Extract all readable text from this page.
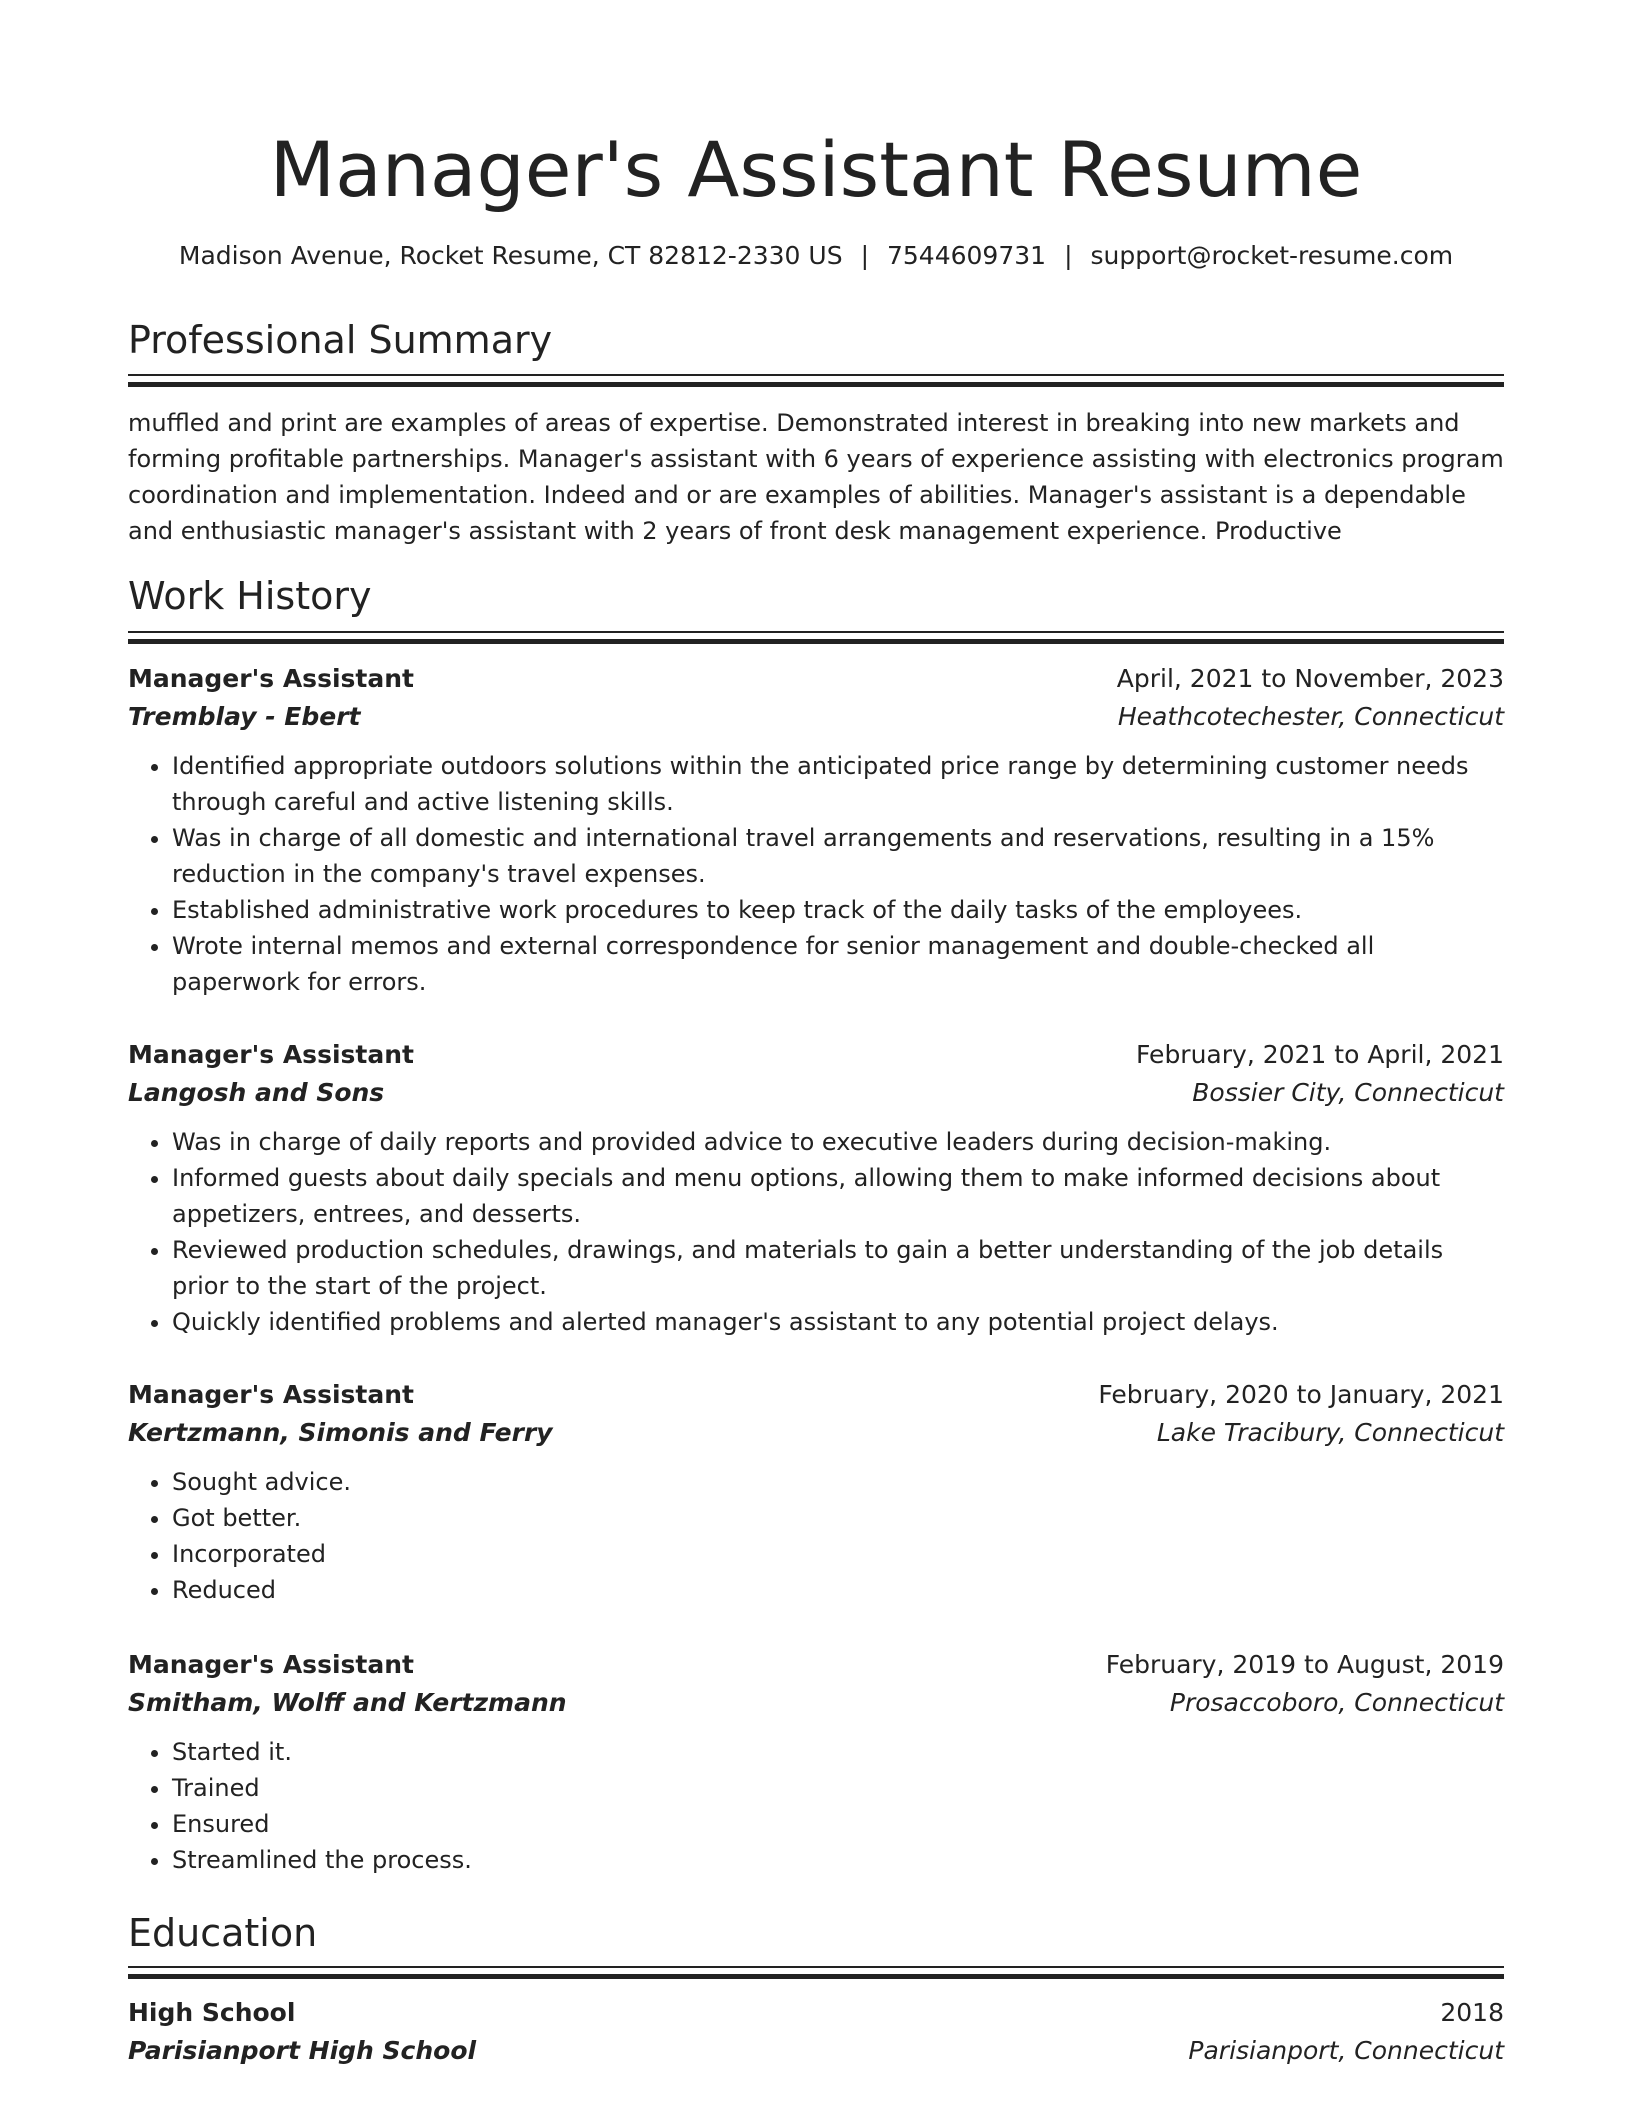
Manager's Assistant Resume
Madison Avenue, Rocket Resume, CT 82812-2330 US | 7544609731 | support@rocket-resume.com
Professional Summary

muffled and print are examples of areas of expertise. Demonstrated interest in breaking into new markets and forming profitable partnerships. Manager's assistant with 6 years of experience assisting with electronics program coordination and implementation. Indeed and or are examples of abilities. Manager's assistant is a dependable and enthusiastic manager's assistant with 2 years of front desk management experience. Productive

Work History
Manager's Assistant	April, 2021 to November, 2023
Tremblay - Ebert	Heathcotechester, Connecticut
• Identified appropriate outdoors solutions within the anticipated price range by determining customer needs through careful and active listening skills.
• Was in charge of all domestic and international travel arrangements and reservations, resulting in a 15% reduction in the company's travel expenses.
• Established administrative work procedures to keep track of the daily tasks of the employees.
• Wrote internal memos and external correspondence for senior management and double-checked all paperwork for errors.
Manager's Assistant	February, 2021 to April, 2021
Langosh and Sons	Bossier City, Connecticut
• Was in charge of daily reports and provided advice to executive leaders during decision-making.
• Informed guests about daily specials and menu options, allowing them to make informed decisions about appetizers, entrees, and desserts.
• Reviewed production schedules, drawings, and materials to gain a better understanding of the job details prior to the start of the project.
• Quickly identified problems and alerted manager's assistant to any potential project delays.
Manager's Assistant	February, 2020 to January, 2021
Kertzmann, Simonis and Ferry	Lake Tracibury, Connecticut
• Sought advice.
• Got better.
• Incorporated
• Reduced
Manager's Assistant	February, 2019 to August, 2019
Smitham, Wolff and Kertzmann	Prosaccoboro, Connecticut
• Started it.
• Trained
• Ensured
• Streamlined the process.
Education
High School	2018
Parisianport High School	Parisianport, Connecticut
